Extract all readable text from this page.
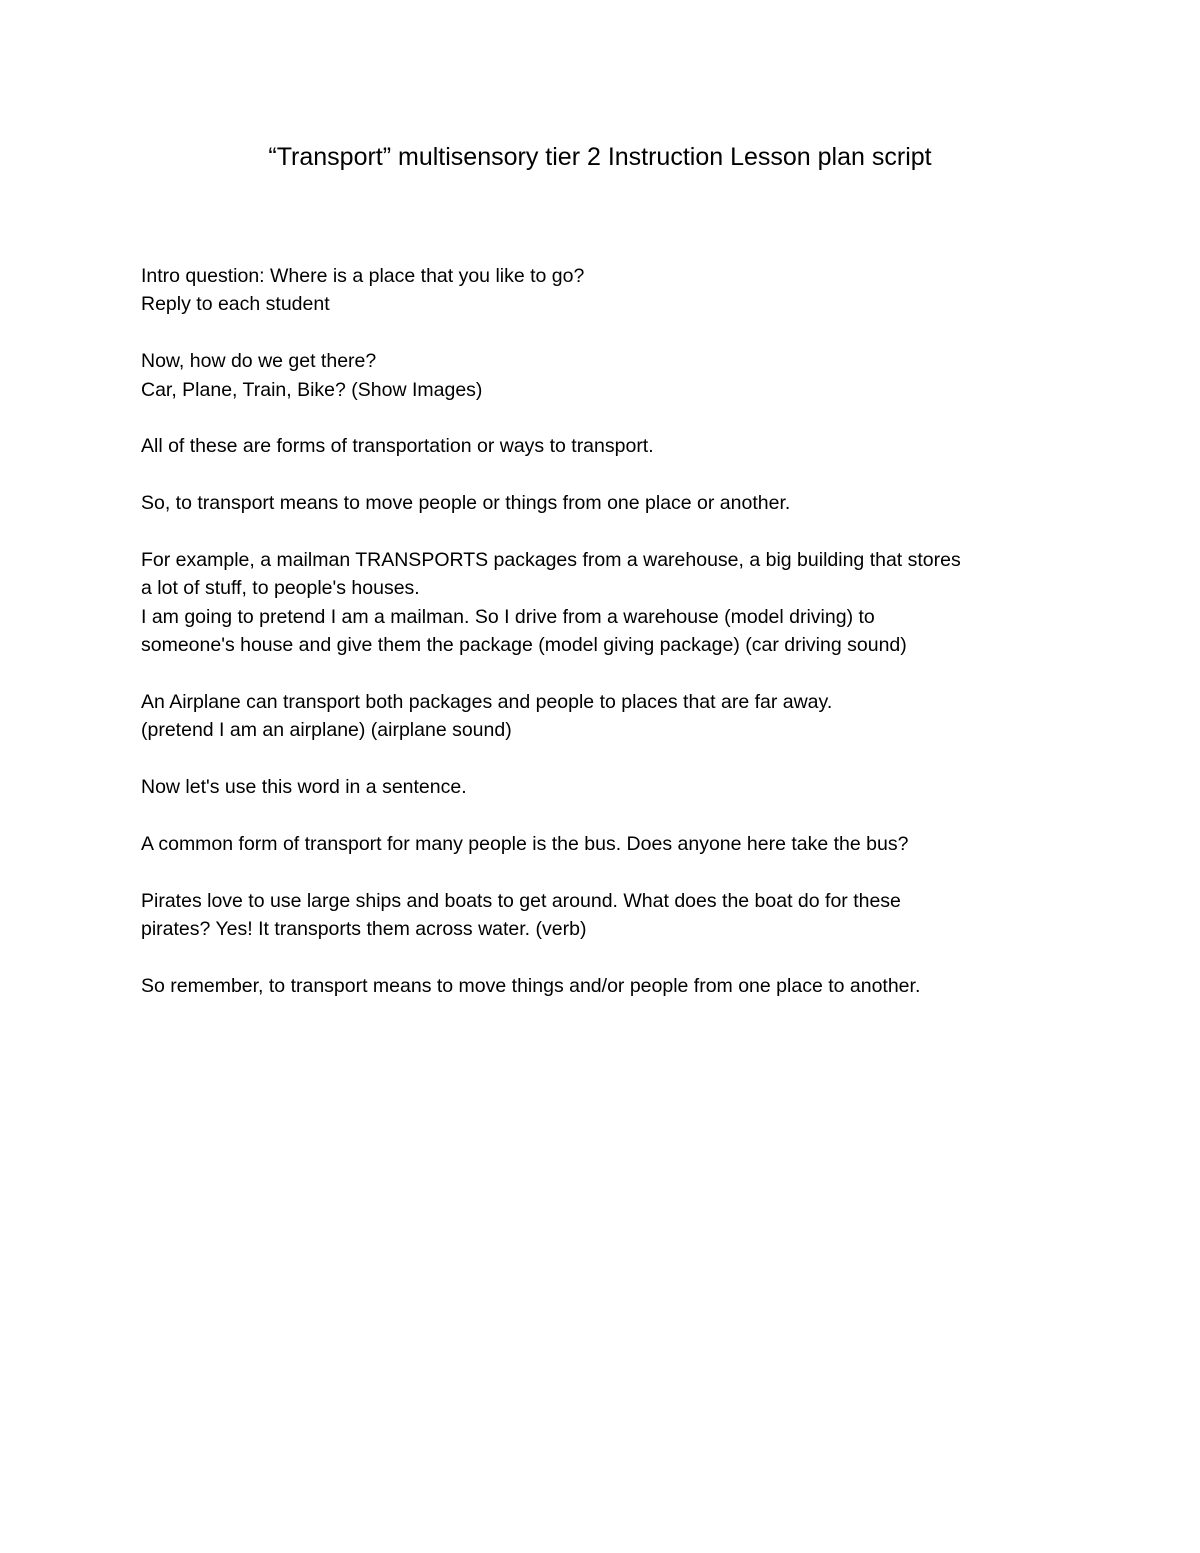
“Transport” multisensory tier 2 Instruction Lesson plan script
Intro question: Where is a place that you like to go?
Reply to each student
Now, how do we get there?
Car, Plane, Train, Bike? (Show Images)
All of these are forms of transportation or ways to transport.
So, to transport means to move people or things from one place or another.
For example, a mailman TRANSPORTS packages from a warehouse, a big building that stores
a lot of stuff, to people's houses.
I am going to pretend I am a mailman. So I drive from a warehouse (model driving) to
someone's house and give them the package (model giving package) (car driving sound)
An Airplane can transport both packages and people to places that are far away.
(pretend I am an airplane) (airplane sound)
Now let's use this word in a sentence.
A common form of transport for many people is the bus. Does anyone here take the bus?
Pirates love to use large ships and boats to get around. What does the boat do for these
pirates? Yes! It transports them across water. (verb)
So remember, to transport means to move things and/or people from one place to another.
